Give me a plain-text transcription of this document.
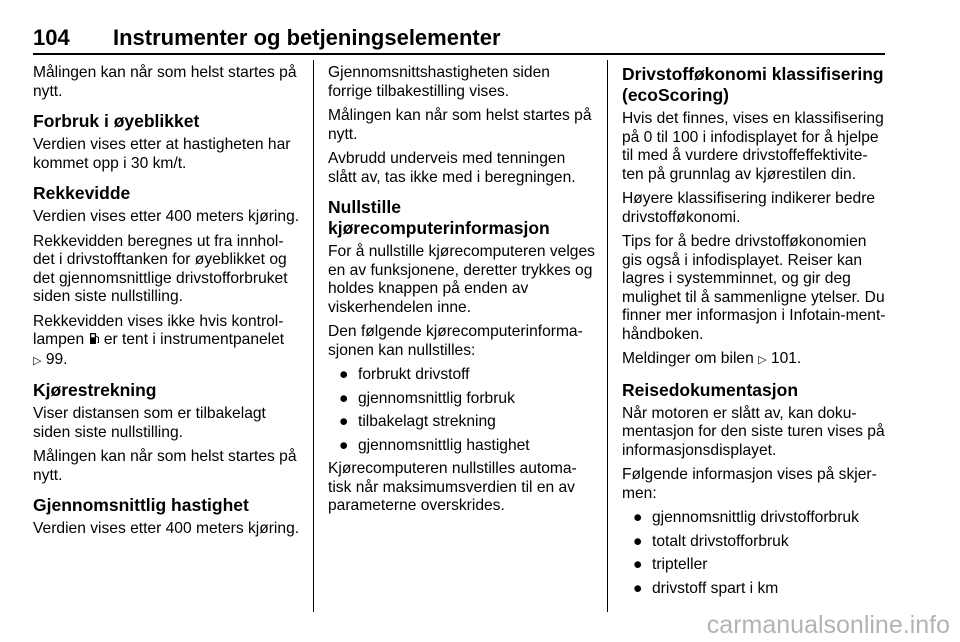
104 Instrumenter og betjeningselementer

Målingen kan når som helst startes på nytt.

Forbruk i øyeblikket

Verdien vises etter at hastigheten har kommet opp i 30 km/t.

Rekkevidde

Verdien vises etter 400 meters kjøring.

Rekkevidden beregnes ut fra innhol-det i drivstofftanken for øyeblikket og det gjennomsnittlige drivstofforbruket siden siste nullstilling.

Rekkevidden vises ikke hvis kontrol-lampen er tent i instrumentpanelet
▷ 99.

Kjørestrekning

Viser distansen som er tilbakelagt siden siste nullstilling.

Målingen kan når som helst startes på nytt.

Gjennomsnittlig hastighet

Verdien vises etter 400 meters kjøring.

Gjennomsnittshastigheten siden forrige tilbakestilling vises.

Målingen kan når som helst startes på nytt.

Avbrudd underveis med tenningen slått av, tas ikke med i beregningen.

Nullstille kjørecomputerinformasjon

For å nullstille kjørecomputeren velges en av funksjonene, deretter trykkes og holdes knappen på enden av viskerhendelen inne.

Den følgende kjørecomputerinforma-sjonen kan nullstilles:

● forbrukt drivstoff
● gjennomsnittlig forbruk
● tilbakelagt strekning
● gjennomsnittlig hastighet

Kjørecomputeren nullstilles automa-tisk når maksimumsverdien til en av parameterne overskrides.

Drivstofføkonomi klassifisering (ecoScoring)

Hvis det finnes, vises en klassifisering på 0 til 100 i infodisplayet for å hjelpe til med å vurdere drivstoffeffektivite-ten på grunnlag av kjørestilen din.

Høyere klassifisering indikerer bedre drivstofføkonomi.

Tips for å bedre drivstofføkonomien gis også i infodisplayet. Reiser kan lagres i systemminnet, og gir deg mulighet til å sammenligne ytelser. Du finner mer informasjon i Infotain-ment-håndboken.

Meldinger om bilen ▷ 101.

Reisedokumentasjon

Når motoren er slått av, kan doku-mentasjon for den siste turen vises på informasjonsdisplayet.

Følgende informasjon vises på skjer-men:

● gjennomsnittlig drivstofforbruk
● totalt drivstofforbruk
● tripteller
● drivstoff spart i km
carmanualsonline.info
